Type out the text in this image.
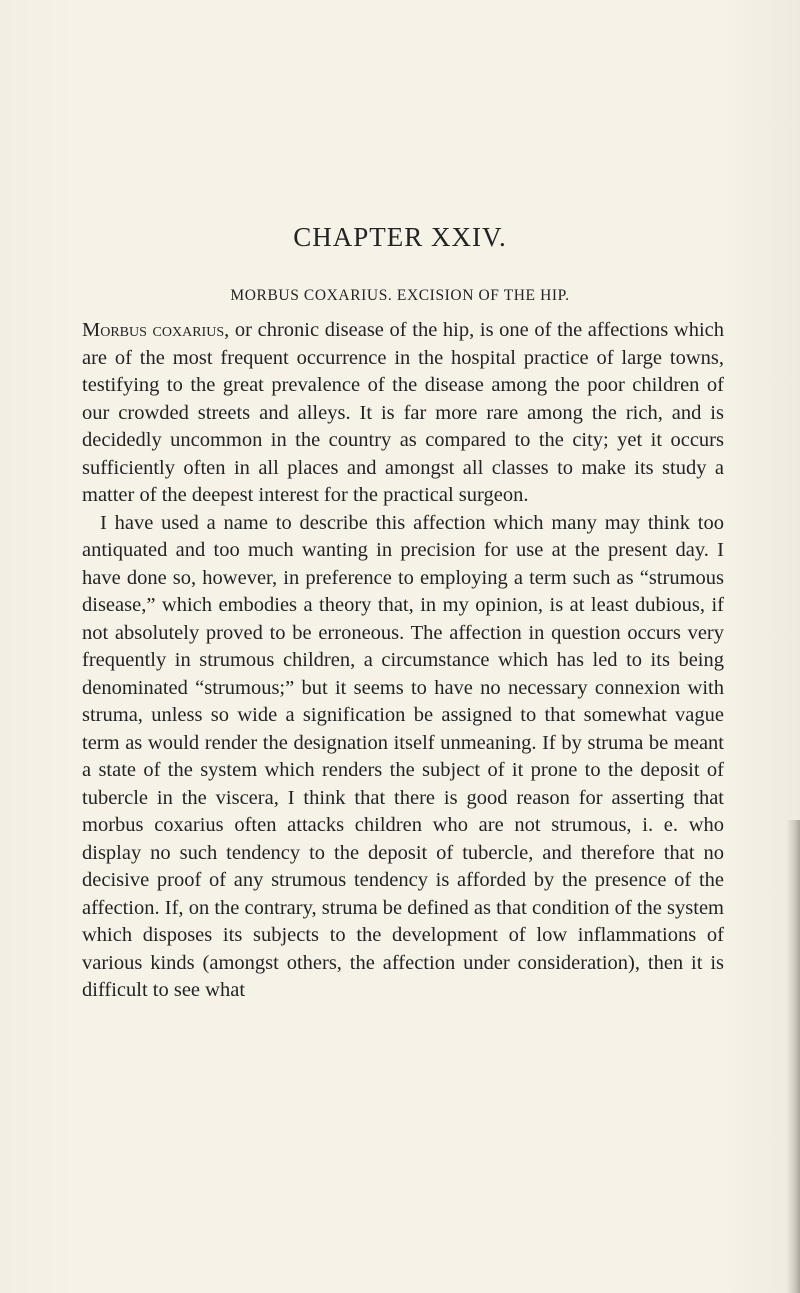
CHAPTER XXIV.
MORBUS COXARIUS. EXCISION OF THE HIP.

Morbus coxarius, or chronic disease of the hip, is one of the affections which are of the most frequent occurrence in the hospital practice of large towns, testifying to the great prevalence of the disease among the poor children of our crowded streets and alleys. It is far more rare among the rich, and is decidedly uncommon in the country as compared to the city; yet it occurs sufficiently often in all places and amongst all classes to make its study a matter of the deepest interest for the practical surgeon.

I have used a name to describe this affection which many may think too antiquated and too much wanting in precision for use at the present day. I have done so, however, in preference to employing a term such as “strumous disease,” which embodies a theory that, in my opinion, is at least dubious, if not absolutely proved to be erroneous. The affection in question occurs very frequently in strumous children, a circumstance which has led to its being denominated “strumous;” but it seems to have no necessary connexion with struma, unless so wide a signification be assigned to that somewhat vague term as would render the designation itself unmeaning. If by struma be meant a state of the system which renders the subject of it prone to the deposit of tubercle in the viscera, I think that there is good reason for asserting that morbus coxarius often attacks children who are not strumous, i. e. who display no such tendency to the deposit of tubercle, and therefore that no decisive proof of any strumous tendency is afforded by the presence of the affection. If, on the contrary, struma be defined as that condition of the system which disposes its subjects to the development of low inflammations of various kinds (amongst others, the affection under consideration), then it is difficult to see what
